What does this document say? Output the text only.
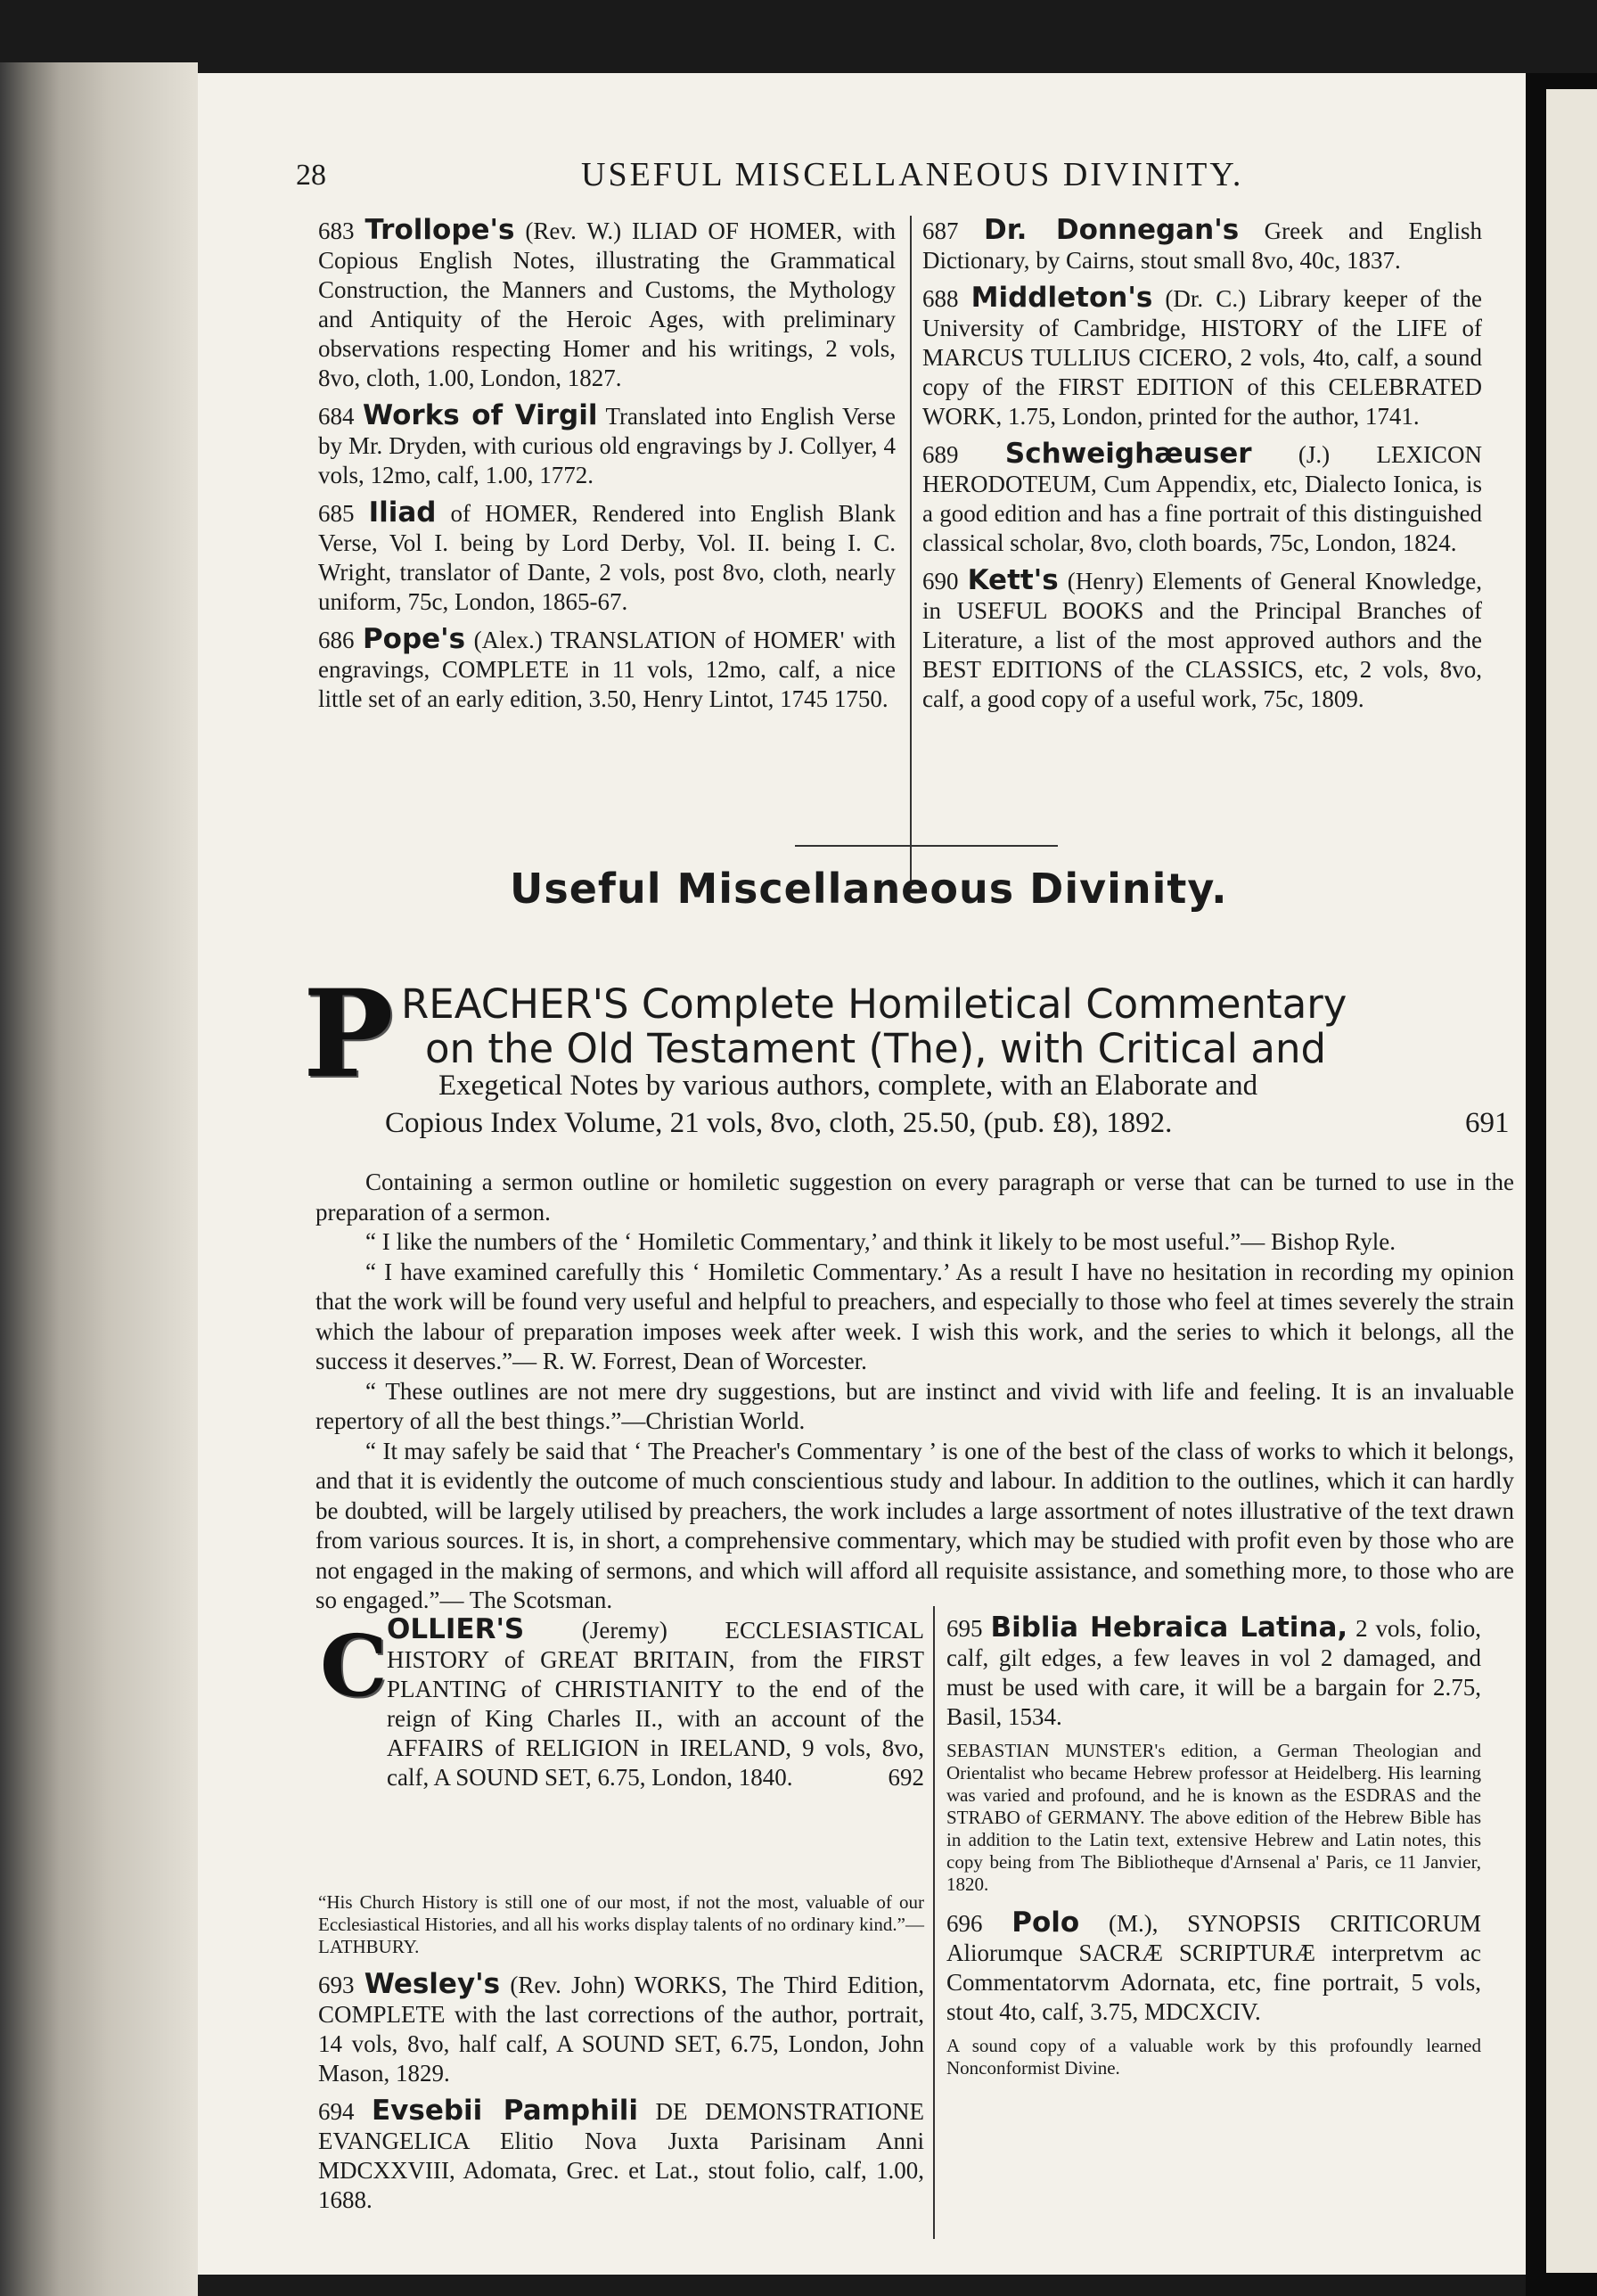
28	USEFUL MISCELLANEOUS DIVINITY.

683 Trollope's (Rev. W.) ILIAD OF HOMER, with Copious English Notes, illustrating the Grammatical Construction, the Manners and Customs, the Mythology and Antiquity of the Heroic Ages, with preliminary observations respecting Homer and his writings, 2 vols, 8vo, cloth, 1.00, London, 1827.

684 Works of Virgil Translated into English Verse by Mr. Dryden, with curious old engravings by J. Collyer, 4 vols, 12mo, calf, 1.00, 1772.

685 Iliad of HOMER, Rendered into English Blank Verse, Vol I. being by Lord Derby, Vol. II. being I. C. Wright, translator of Dante, 2 vols, post 8vo, cloth, nearly uniform, 75c, London, 1865-67.

686 Pope's (Alex.) TRANSLATION of HOMER' with engravings, COMPLETE in 11 vols, 12mo, calf, a nice little set of an early edition, 3.50, Henry Lintot, 1745 1750.

687 Dr. Donnegan's Greek and English Dictionary, by Cairns, stout small 8vo, 40c, 1837.

688 Middleton's (Dr. C.) Library keeper of the University of Cambridge, HISTORY of the LIFE of MARCUS TULLIUS CICERO, 2 vols, 4to, calf, a sound copy of the FIRST EDITION of this CELEBRATED WORK, 1.75, London, printed for the author, 1741.

689 Schweighæuser (J.) LEXICON HERODOTEUM, Cum Appendix, etc, Dialecto Ionica, is a good edition and has a fine portrait of this distinguished classical scholar, 8vo, cloth boards, 75c, London, 1824.

690 Kett's (Henry) Elements of General Knowledge, in USEFUL BOOKS and the Principal Branches of Literature, a list of the most approved authors and the BEST EDITIONS of the CLASSICS, etc, 2 vols, 8vo, calf, a good copy of a useful work, 75c, 1809.

Useful Miscellaneous Divinity.
P REACHER'S Complete Homiletical Commentary
on the Old Testament (The), with Critical and
Exegetical Notes by various authors, complete, with an Elaborate and
Copious Index Volume, 21 vols, 8vo, cloth, 25.50, (pub. £8), 1892.	691

Containing a sermon outline or homiletic suggestion on every paragraph or verse that can be turned to use in the preparation of a sermon.

“ I like the numbers of the ‘ Homiletic Commentary,’ and think it likely to be most useful.”— Bishop Ryle.

“ I have examined carefully this ‘ Homiletic Commentary.’ As a result I have no hesitation in recording my opinion that the work will be found very useful and helpful to preachers, and especially to those who feel at times severely the strain which the labour of preparation imposes week after week. I wish this work, and the series to which it belongs, all the success it deserves.”— R. W. Forrest, Dean of Worcester.

“ These outlines are not mere dry suggestions, but are instinct and vivid with life and feeling. It is an invaluable repertory of all the best things.”—Christian World.

“ It may safely be said that ‘ The Preacher's Commentary ’ is one of the best of the class of works to which it belongs, and that it is evidently the outcome of much conscientious study and labour. In addition to the outlines, which it can hardly be doubted, will be largely utilised by preachers, the work includes a large assortment of notes illustrative of the text drawn from various sources. It is, in short, a comprehensive commentary, which may be studied with profit even by those who are not engaged in the making of sermons, and which will afford all requisite assistance, and something more, to those who are so engaged.”— The Scotsman.

C OLLIER'S (Jeremy) ECCLESIASTICAL HISTORY of GREAT BRITAIN, from the FIRST PLANTING of CHRISTIANITY to the end of the reign of King Charles II., with an account of the AFFAIRS of RELIGION in IRELAND, 9 vols, 8vo, calf, A SOUND SET, 6.75, London, 1840.	692

“His Church History is still one of our most, if not the most, valuable of our Ecclesiastical Histories, and all his works display talents of no ordinary kind.”—LATHBURY.

693 Wesley's (Rev. John) WORKS, The Third Edition, COMPLETE with the last corrections of the author, portrait, 14 vols, 8vo, half calf, A SOUND SET, 6.75, London, John Mason, 1829.

694 Evsebii Pamphili DE DEMONSTRATIONE EVANGELICA Elitio Nova Juxta Parisinam Anni MDCXXVIII, Adomata, Grec. et Lat., stout folio, calf, 1.00, 1688.

695 Biblia Hebraica Latina, 2 vols, folio, calf, gilt edges, a few leaves in vol 2 damaged, and must be used with care, it will be a bargain for 2.75, Basil, 1534.

SEBASTIAN MUNSTER's edition, a German Theologian and Orientalist who became Hebrew professor at Heidelberg. His learning was varied and profound, and he is known as the ESDRAS and the STRABO of GERMANY. The above edition of the Hebrew Bible has in addition to the Latin text, extensive Hebrew and Latin notes, this copy being from The Bibliotheque d'Arnsenal a' Paris, ce 11 Janvier, 1820.

696 Polo (M.), SYNOPSIS CRITICORUM Aliorumque SACRÆ SCRIPTURÆ interpretvm ac Commentatorvm Adornata, etc, fine portrait, 5 vols, stout 4to, calf, 3.75, MDCXCIV.

A sound copy of a valuable work by this profoundly learned Nonconformist Divine.
